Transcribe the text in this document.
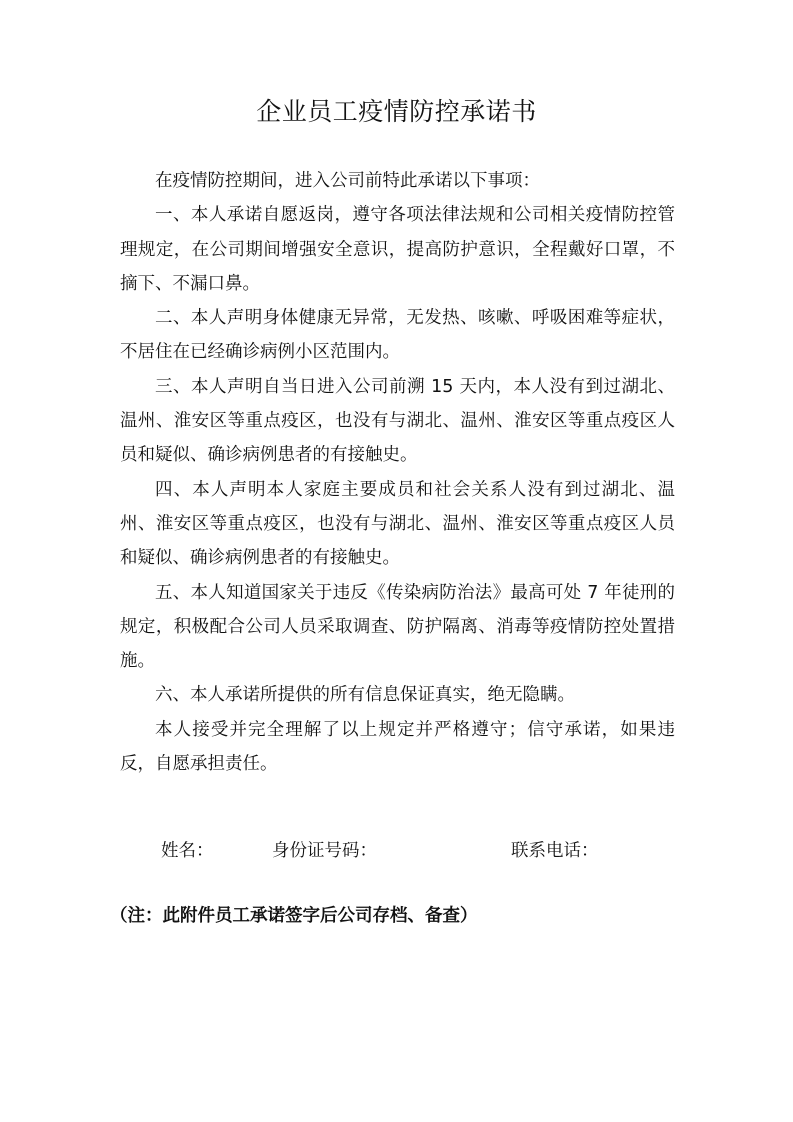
企业员工疫情防控承诺书

在疫情防控期间，进入公司前特此承诺以下事项：

一、本人承诺自愿返岗，遵守各项法律法规和公司相关疫情防控管理规定，在公司期间增强安全意识，提高防护意识，全程戴好口罩，不摘下、不漏口鼻。

二、本人声明身体健康无异常，无发热、咳嗽、呼吸困难等症状，不居住在已经确诊病例小区范围内。

三、本人声明自当日进入公司前溯 15 天内，本人没有到过湖北、温州、淮安区等重点疫区，也没有与湖北、温州、淮安区等重点疫区人员和疑似、确诊病例患者的有接触史。

四、本人声明本人家庭主要成员和社会关系人没有到过湖北、温州、淮安区等重点疫区，也没有与湖北、温州、淮安区等重点疫区人员和疑似、确诊病例患者的有接触史。

五、本人知道国家关于违反《传染病防治法》最高可处 7 年徒刑的规定，积极配合公司人员采取调查、防护隔离、消毒等疫情防控处置措施。

六、本人承诺所提供的所有信息保证真实，绝无隐瞒。

本人接受并完全理解了以上规定并严格遵守；信守承诺，如果违反，自愿承担责任。

姓名：	身份证号码：	联系电话：

（注：此附件员工承诺签字后公司存档、备查）
